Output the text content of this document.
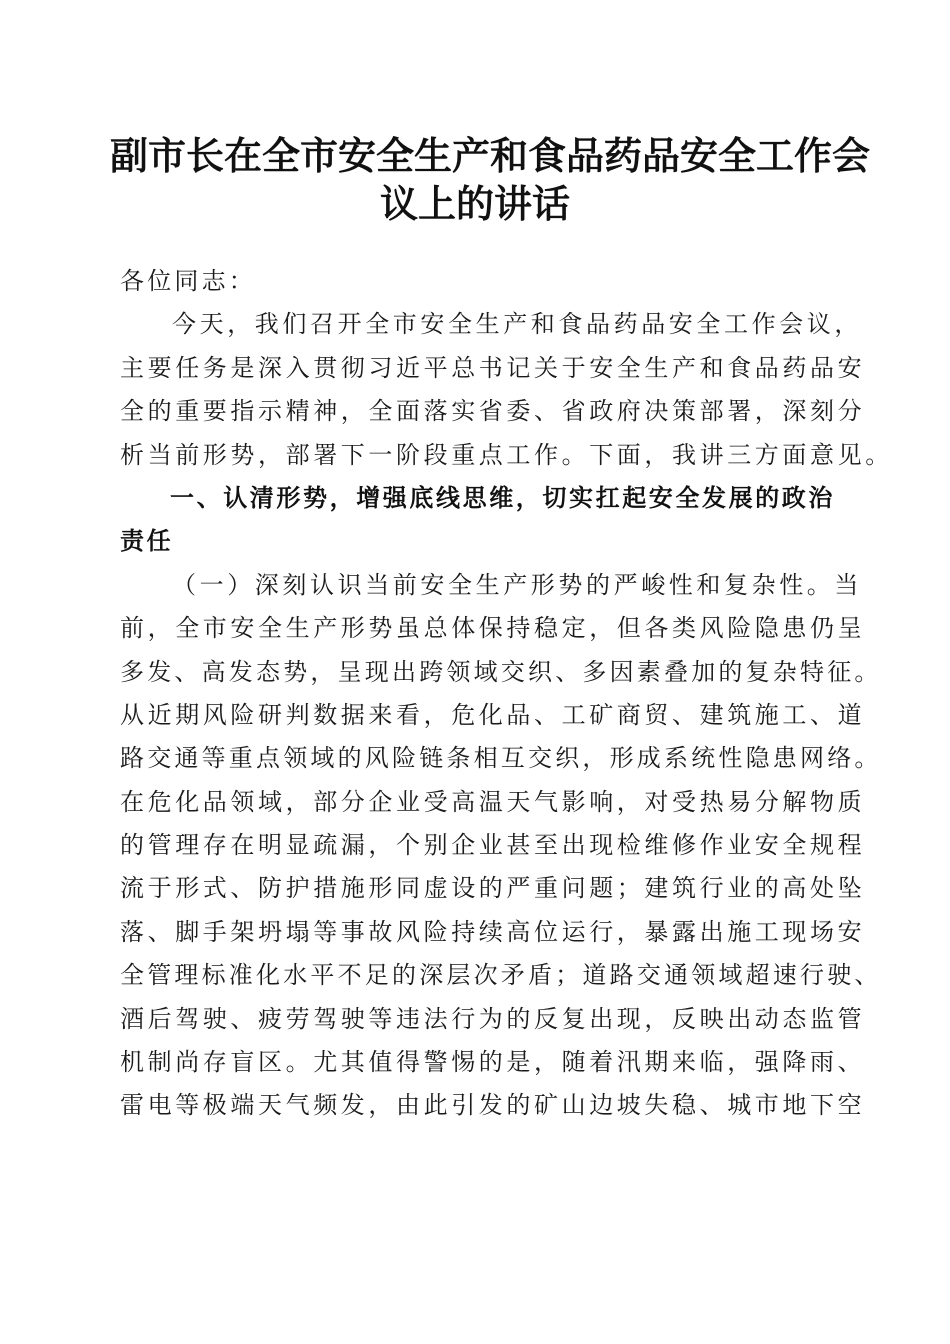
副市长在全市安全生产和食品药品安全工作会
议上的讲话
各位同志：
今天，我们召开全市安全生产和食品药品安全工作会议，
主要任务是深入贯彻习近平总书记关于安全生产和食品药品安
全的重要指示精神，全面落实省委、省政府决策部署，深刻分
析当前形势，部署下一阶段重点工作。下面，我讲三方面意见。
一、认清形势，增强底线思维，切实扛起安全发展的政治
责任
（一）深刻认识当前安全生产形势的严峻性和复杂性。当
前，全市安全生产形势虽总体保持稳定，但各类风险隐患仍呈
多发、高发态势，呈现出跨领域交织、多因素叠加的复杂特征。
从近期风险研判数据来看，危化品、工矿商贸、建筑施工、道
路交通等重点领域的风险链条相互交织，形成系统性隐患网络。
在危化品领域，部分企业受高温天气影响，对受热易分解物质
的管理存在明显疏漏，个别企业甚至出现检维修作业安全规程
流于形式、防护措施形同虚设的严重问题；建筑行业的高处坠
落、脚手架坍塌等事故风险持续高位运行，暴露出施工现场安
全管理标准化水平不足的深层次矛盾；道路交通领域超速行驶、
酒后驾驶、疲劳驾驶等违法行为的反复出现，反映出动态监管
机制尚存盲区。尤其值得警惕的是，随着汛期来临，强降雨、
雷电等极端天气频发，由此引发的矿山边坡失稳、城市地下空
